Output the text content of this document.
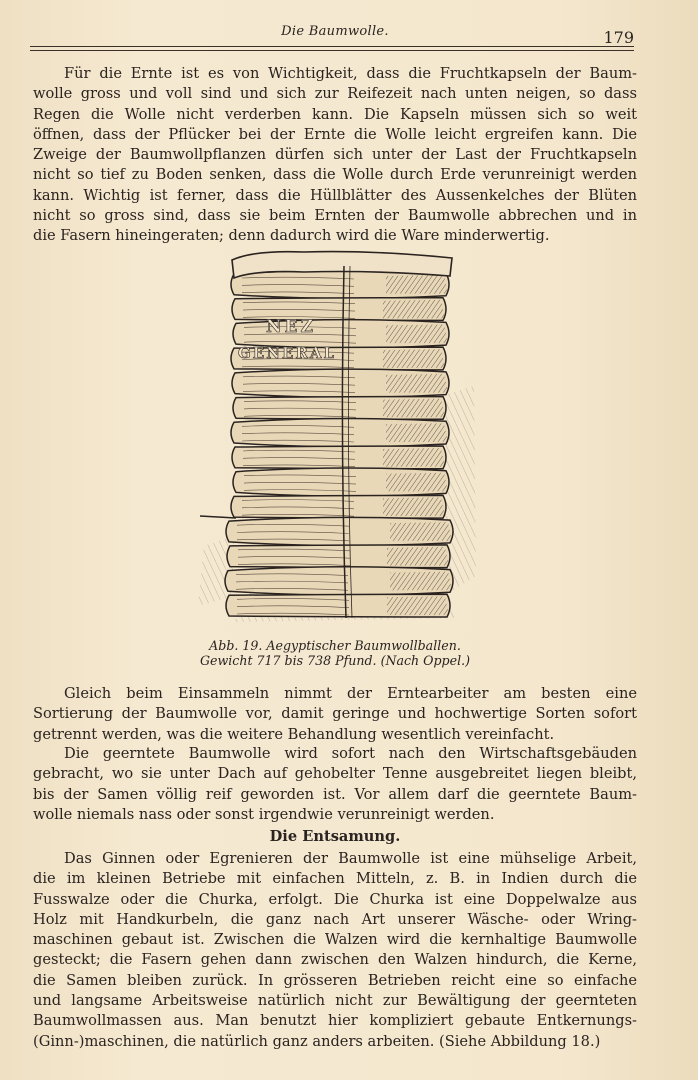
Die Baumwolle.	179

Für die Ernte ist es von Wichtigkeit, dass die Fruchtkapseln der Baum-

wolle gross und voll sind und sich zur Reifezeit nach unten neigen, so dass

Regen die Wolle nicht verderben kann. Die Kapseln müssen sich so weit

öffnen, dass der Pflücker bei der Ernte die Wolle leicht ergreifen kann. Die

Zweige der Baumwollpflanzen dürfen sich unter der Last der Fruchtkapseln

nicht so tief zu Boden senken, dass die Wolle durch Erde verunreinigt werden

kann. Wichtig ist ferner, dass die Hüllblätter des Aussenkelches der Blüten

nicht so gross sind, dass sie beim Ernten der Baumwolle abbrechen und in

die Fasern hineingeraten; denn dadurch wird die Ware minderwertig.

NEZ
GENERAL
Abb. 19. Aegyptischer Baumwollballen.
Gewicht 717 bis 738 Pfund. (Nach Oppel.)

Gleich beim Einsammeln nimmt der Erntearbeiter am besten eine

Sortierung der Baumwolle vor, damit geringe und hochwertige Sorten sofort

getrennt werden, was die weitere Behandlung wesentlich vereinfacht.

Die geerntete Baumwolle wird sofort nach den Wirtschaftsgebäuden

gebracht, wo sie unter Dach auf gehobelter Tenne ausgebreitet liegen bleibt,

bis der Samen völlig reif geworden ist. Vor allem darf die geerntete Baum-

wolle niemals nass oder sonst irgendwie verunreinigt werden.

Die Entsamung.

Das Ginnen oder Egrenieren der Baumwolle ist eine mühselige Arbeit,

die im kleinen Betriebe mit einfachen Mitteln, z. B. in Indien durch die

Fusswalze oder die Churka, erfolgt. Die Churka ist eine Doppelwalze aus

Holz mit Handkurbeln, die ganz nach Art unserer Wäsche- oder Wring-

maschinen gebaut ist. Zwischen die Walzen wird die kernhaltige Baumwolle

gesteckt; die Fasern gehen dann zwischen den Walzen hindurch, die Kerne,

die Samen bleiben zurück. In grösseren Betrieben reicht eine so einfache

und langsame Arbeitsweise natürlich nicht zur Bewältigung der geernteten

Baumwollmassen aus. Man benutzt hier kompliziert gebaute Entkernungs-

(Ginn-)maschinen, die natürlich ganz anders arbeiten. (Siehe Abbildung 18.)
